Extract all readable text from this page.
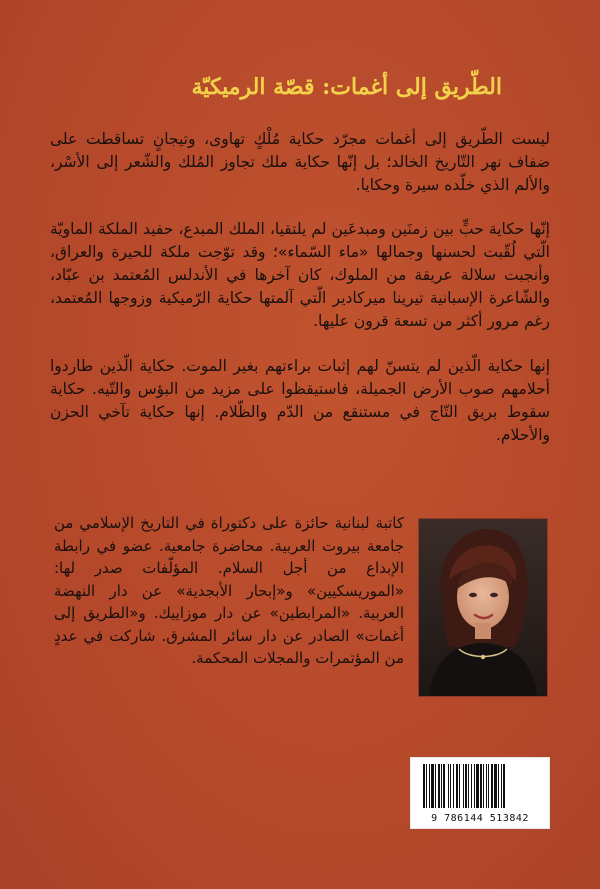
الطّريق إلى أغمات: قصّة الرميكيّة
ليست الطّريق إلى أغمات مجرّد حكاية مُلْكٍ تهاوى، وتيجانٍ تساقطت على ضفاف نهر التّاريخ الخالد؛ بل إنّها حكاية ملك تجاوز المُلك والشّعر إلى الأسْر، والألم الذي خلّده سيرة وحكايا.
إنّها حكاية حبٍّ بين زمنَين ومبدعَين لم يلتقيا، الملك المبدع، حفيد الملكة الماويّة الّتي لُقّبت لحسنها وجمالها «ماء السّماء»؛ وقد توّجت ملكة للحيرة والعراق، وأنجبت سلالة عريقة من الملوك، كان آخرها في الأندلس المُعتمد بن عبّاد، والشّاعرة الإسبانية تيرينا ميركادير الّتي آلمتها حكاية الرّميكية وزوجها المُعتمد، رغم مرور أكثر من تسعة قرون عليها.
إنها حكاية الّذين لم يتسنّ لهم إثبات براءتهم بغير الموت. حكاية الّذين طاردوا أحلامهم صوب الأرض الجميلة، فاستيقظوا على مزيد من البؤس والتّيه. حكاية سقوط بريق التّاج في مستنقع من الدّم والظّلام. إنها حكاية تآخي الحزن والأحلام.
كاتبة لبنانية حائزة على دكتوراة في التاريخ الإسلامي من جامعة بيروت العربية. محاضرة جامعية. عضو في رابطة الإبداع من أجل السلام. المؤلّفات صدر لها: «الموريسكيين» و«إبحار الأبجدية» عن دار النهضة العربية. «المرابطين» عن دار موزاييك. و«الطريق إلى أغمات» الصادر عن دار سائر المشرق. شاركت في عددٍ من المؤتمرات والمجلات المحكمة.
9 786144 513842
